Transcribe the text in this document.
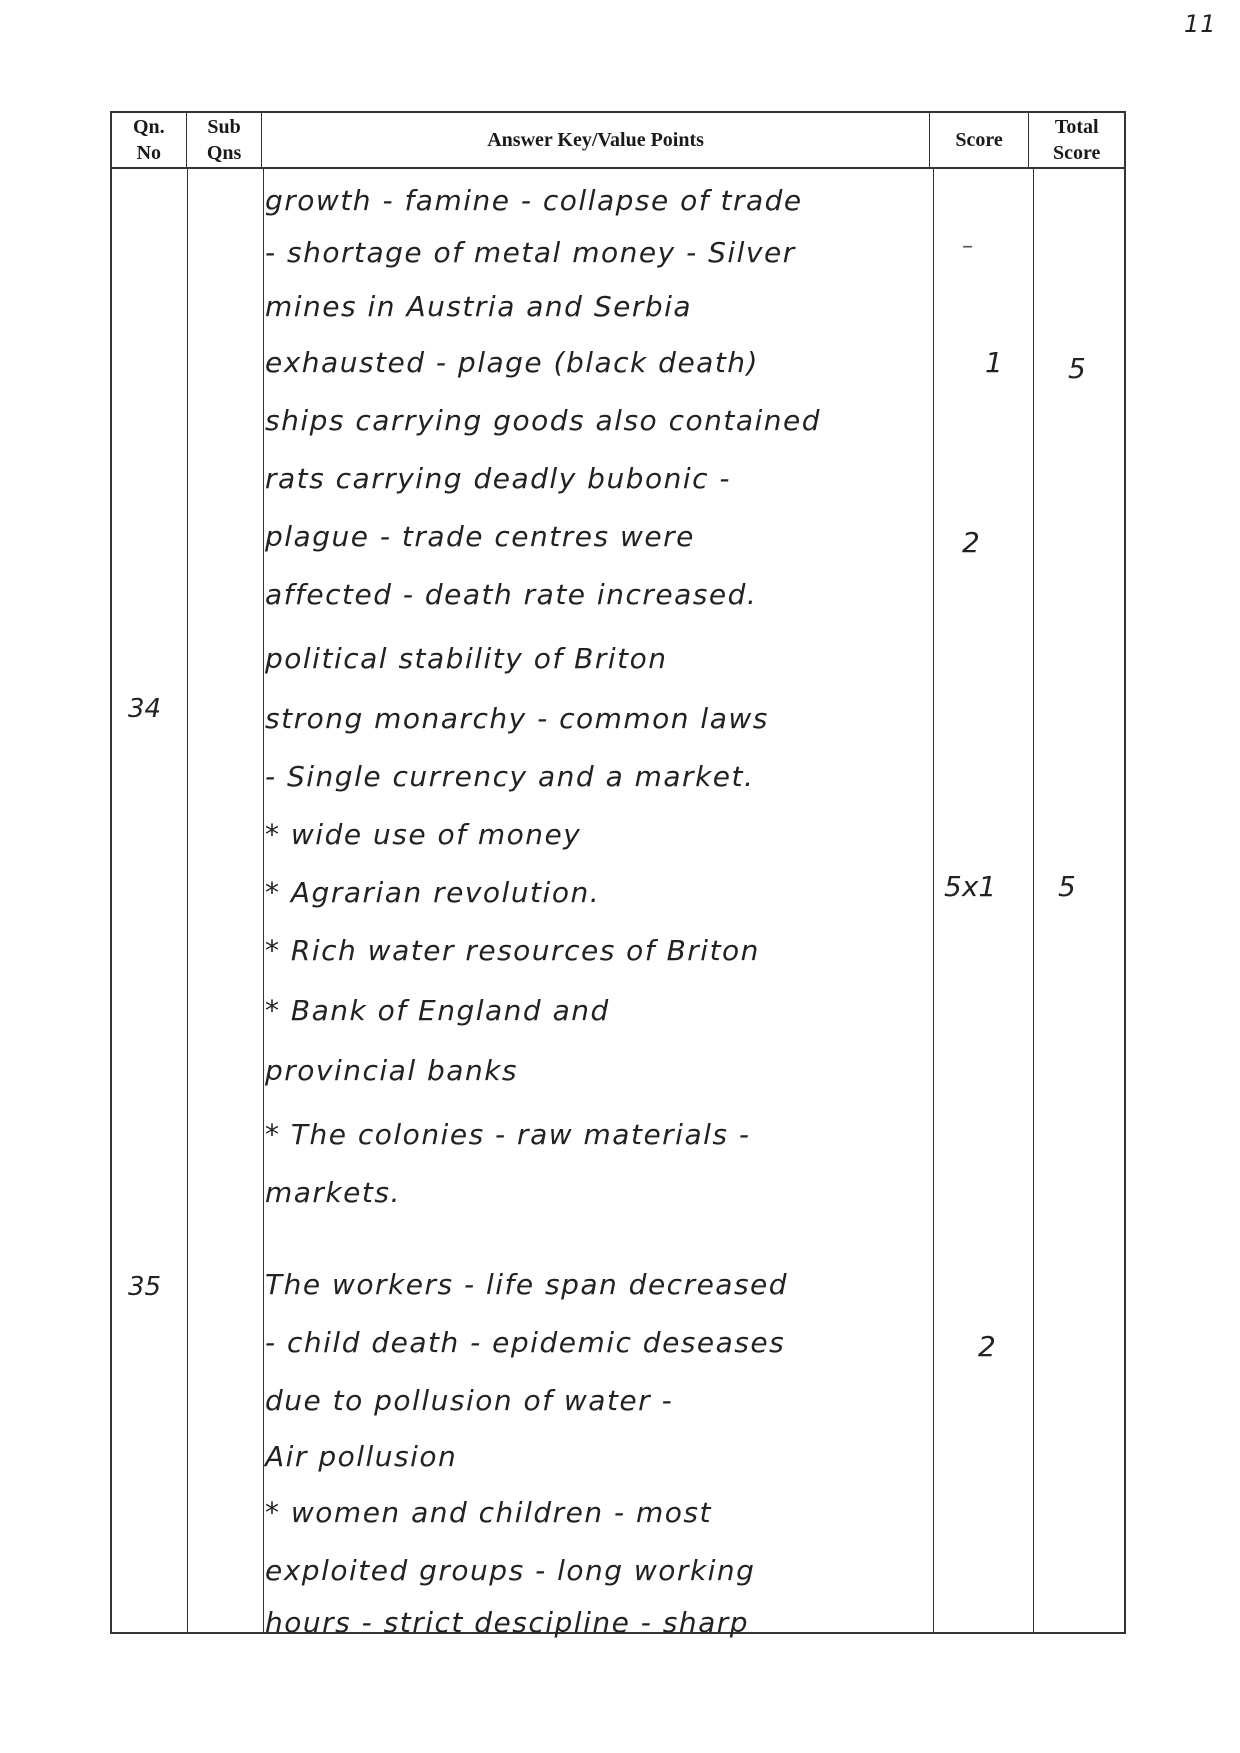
11
Qn.
No
Sub
Qns
Answer Key/Value Points	Score
Total
Score
34
35
growth - famine - collapse of trade
- shortage of metal money - Silver
mines in Austria and Serbia
exhausted - plage (black death)
ships carrying goods also contained
rats carrying deadly bubonic -
plague - trade centres were
affected - death rate increased.
political stability of Briton
strong monarchy - common laws
- Single currency and a market.
* wide use of money
* Agrarian revolution.
* Rich water resources of Briton
* Bank of England and
provincial banks
* The colonies - raw materials -
markets.
The workers - life span decreased
- child death - epidemic deseases
due to pollusion of water -
Air pollusion
* women and children - most
exploited groups - long working
hours - strict descipline - sharp
–
1 5
2
5x1 5
2
